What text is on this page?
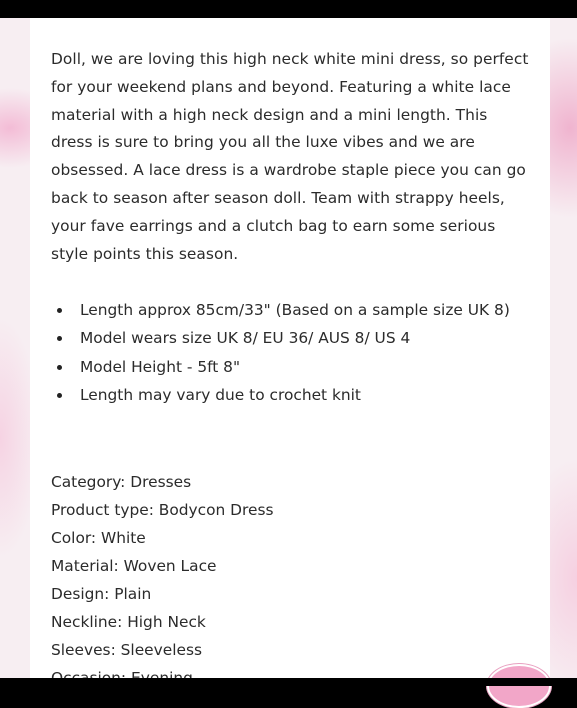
Doll, we are loving this high neck white mini dress, so perfect for your weekend plans and beyond. Featuring a white lace material with a high neck design and a mini length. This dress is sure to bring you all the luxe vibes and we are obsessed. A lace dress is a wardrobe staple piece you can go back to season after season doll. Team with strappy heels, your fave earrings and a clutch bag to earn some serious style points this season.

Length approx 85cm/33" (Based on a sample size UK 8)
Model wears size UK 8/ EU 36/ AUS 8/ US 4
Model Height - 5ft 8"
Length may vary due to crochet knit
Category: Dresses
Product type: Bodycon Dress
Color: White
Material: Woven Lace
Design: Plain
Neckline: High Neck
Sleeves: Sleeveless
